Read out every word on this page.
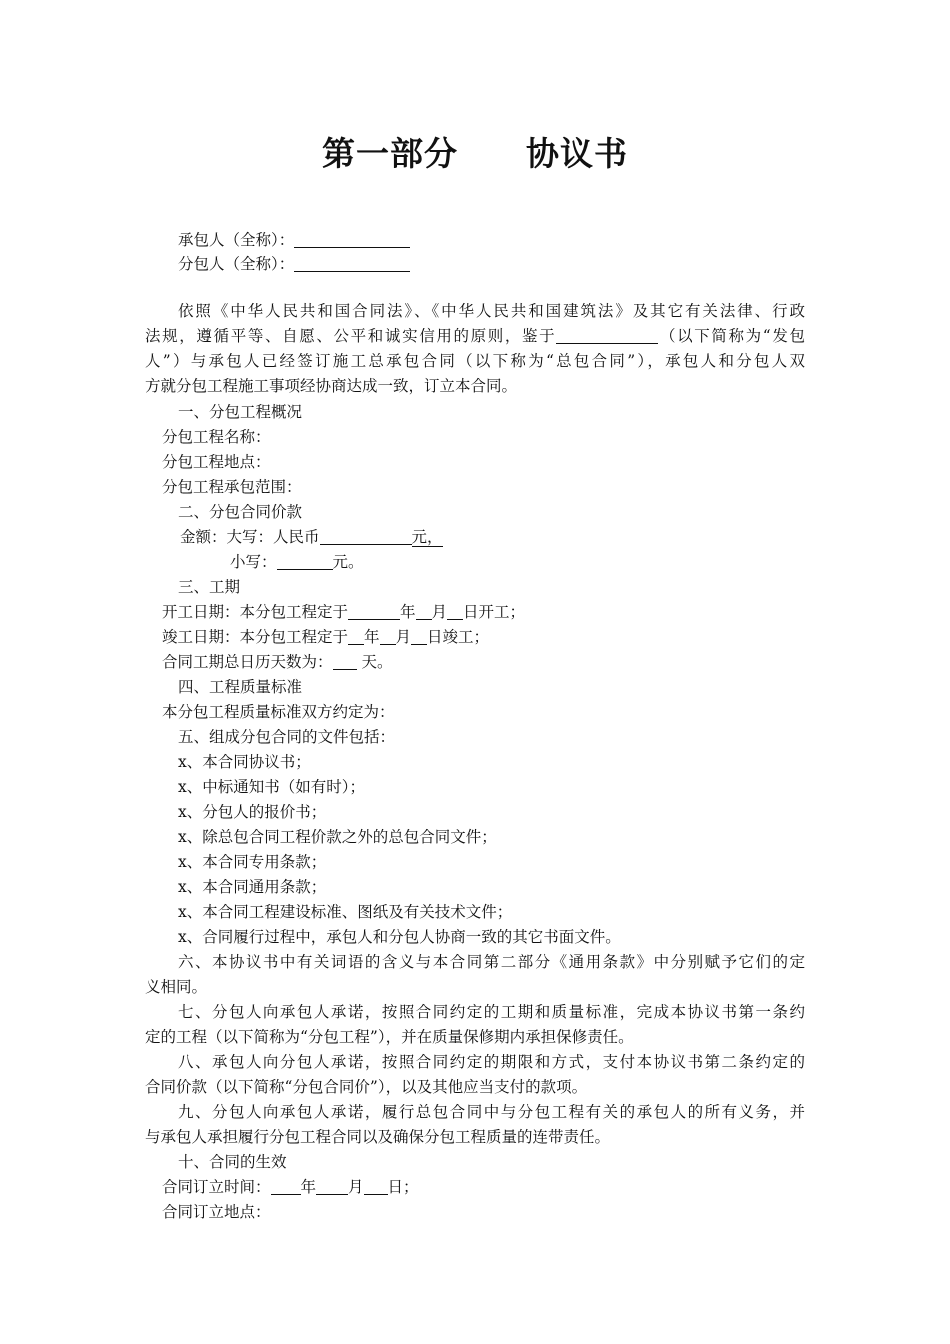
第一部分　　协议书
承包人（全称）：
分包人（全称）：
依照《中华人民共和国合同法》、《中华人民共和国建筑法》及其它有关法律、行政
法规，遵循平等、自愿、公平和诚实信用的原则，鉴于	（以下简称为“发包
人”）与承包人已经签订施工总承包合同（以下称为“总包合同”），承包人和分包人双
方就分包工程施工事项经协商达成一致，订立本合同。
一、分包工程概况
分包工程名称：
分包工程地点：
分包工程承包范围：
二、分包合同价款
金额：大写：人民币	元，
小写：	元。
三、工期
开工日期：本分包工程定于	年 月 日开工；
竣工日期：本分包工程定于 年 月 日竣工；
合同工期总日历天数为： 天。
四、工程质量标准
本分包工程质量标准双方约定为：
五、组成分包合同的文件包括：
x、本合同协议书；
x、中标通知书（如有时）；
x、分包人的报价书；
x、除总包合同工程价款之外的总包合同文件；
x、本合同专用条款；
x、本合同通用条款；
x、本合同工程建设标准、图纸及有关技术文件；
x、合同履行过程中，承包人和分包人协商一致的其它书面文件。
六、本协议书中有关词语的含义与本合同第二部分《通用条款》中分别赋予它们的定
义相同。
七、分包人向承包人承诺，按照合同约定的工期和质量标准，完成本协议书第一条约
定的工程（以下简称为“分包工程”），并在质量保修期内承担保修责任。
八、承包人向分包人承诺，按照合同约定的期限和方式，支付本协议书第二条约定的
合同价款（以下简称“分包合同价”），以及其他应当支付的款项。
九、分包人向承包人承诺，履行总包合同中与分包工程有关的承包人的所有义务，并
与承包人承担履行分包工程合同以及确保分包工程质量的连带责任。
十、合同的生效
合同订立时间： 年 月 日；
合同订立地点：
